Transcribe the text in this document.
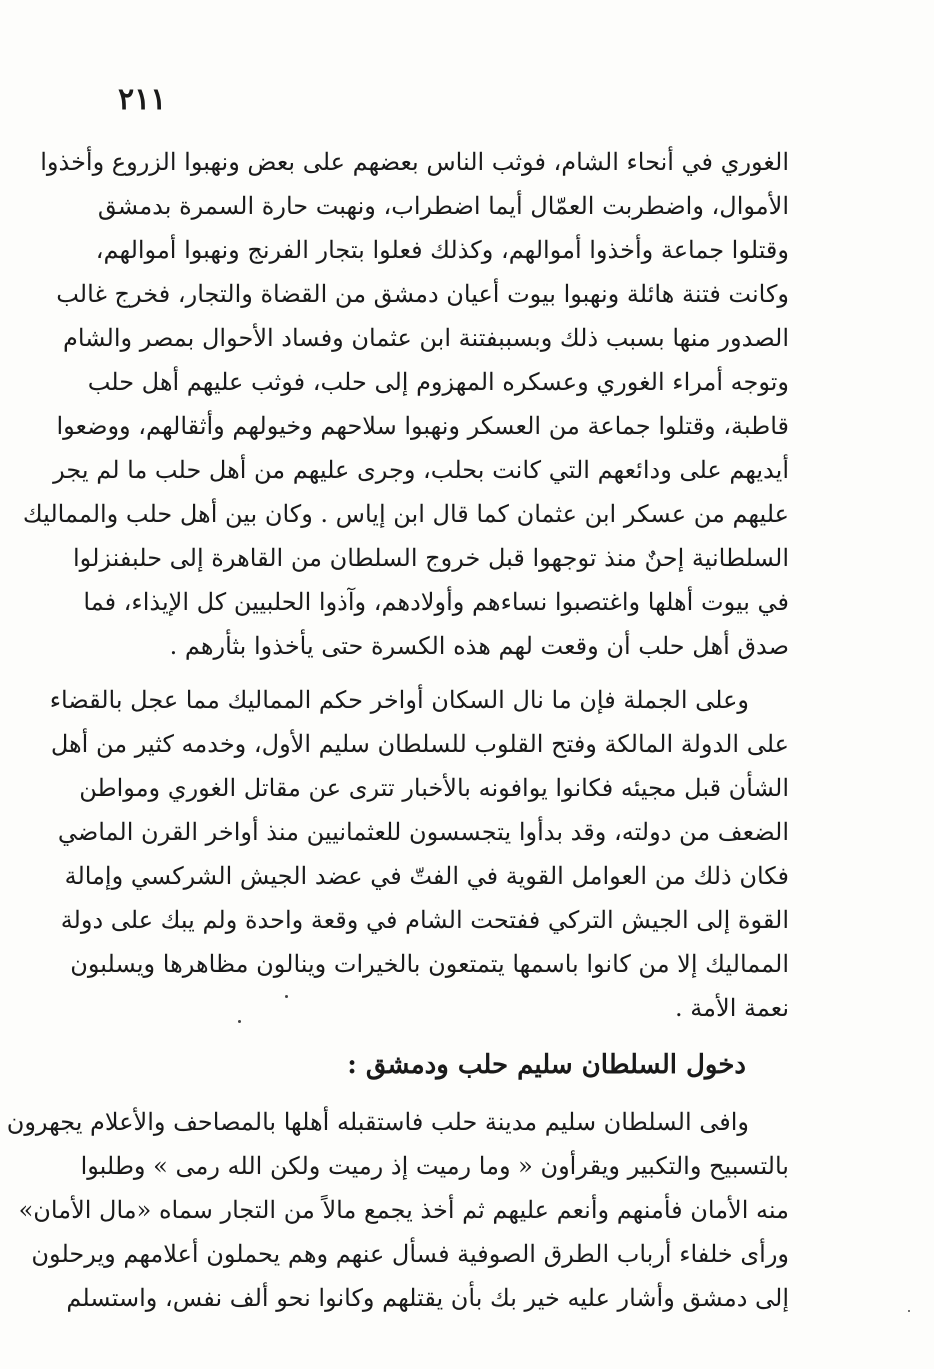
٢١١
الغوري في أنحاء الشام، فوثب الناس بعضهم على بعض ونهبوا الزروع وأخذوا
الأموال، واضطربت العمّال أيما اضطراب، ونهبت حارة السمرة بدمشق
وقتلوا جماعة وأخذوا أموالهم، وكذلك فعلوا بتجار الفرنج ونهبوا أموالهم،
وكانت فتنة هائلة ونهبوا بيوت أعيان دمشق من القضاة والتجار، فخرج غالب
الصدور منها بسبب ذلك وبسببفتنة ابن عثمان وفساد الأحوال بمصر والشام
وتوجه أمراء الغوري وعسكره المهزوم إلى حلب، فوثب عليهم أهل حلب
قاطبة، وقتلوا جماعة من العسكر ونهبوا سلاحهم وخيولهم وأثقالهم، ووضعوا
أيديهم على ودائعهم التي كانت بحلب، وجرى عليهم من أهل حلب ما لم يجر
عليهم من عسكر ابن عثمان كما قال ابن إياس . وكان بين أهل حلب والمماليك
السلطانية إحنٌ منذ توجهوا قبل خروج السلطان من القاهرة إلى حلبفنزلوا
في بيوت أهلها واغتصبوا نساءهم وأولادهم، وآذوا الحلبيين كل الإيذاء، فما
صدق أهل حلب أن وقعت لهم هذه الكسرة حتى يأخذوا بثأرهم .
وعلى الجملة فإن ما نال السكان أواخر حكم المماليك مما عجل بالقضاء
على الدولة المالكة وفتح القلوب للسلطان سليم الأول، وخدمه كثير من أهل
الشأن قبل مجيئه فكانوا يوافونه بالأخبار تترى عن مقاتل الغوري ومواطن
الضعف من دولته، وقد بدأوا يتجسسون للعثمانيين منذ أواخر القرن الماضي
فكان ذلك من العوامل القوية في الفتّ في عضد الجيش الشركسي وإمالة
القوة إلى الجيش التركي ففتحت الشام في وقعة واحدة ولم يبك على دولة
المماليك إلا من كانوا باسمها يتمتعون بالخيرات وينالون مظاهرها ويسلبون
نعمة الأمة .
دخول السلطان سليم حلب ودمشق :
وافى السلطان سليم مدينة حلب فاستقبله أهلها بالمصاحف والأعلام يجهرون
بالتسبيح والتكبير ويقرأون « وما رميت إذ رميت ولكن الله رمى » وطلبوا
منه الأمان فأمنهم وأنعم عليهم ثم أخذ يجمع مالاً من التجار سماه «مال الأمان»
ورأى خلفاء أرباب الطرق الصوفية فسأل عنهم وهم يحملون أعلامهم ويرحلون
إلى دمشق وأشار عليه خير بك بأن يقتلهم وكانوا نحو ألف نفس، واستسلم
